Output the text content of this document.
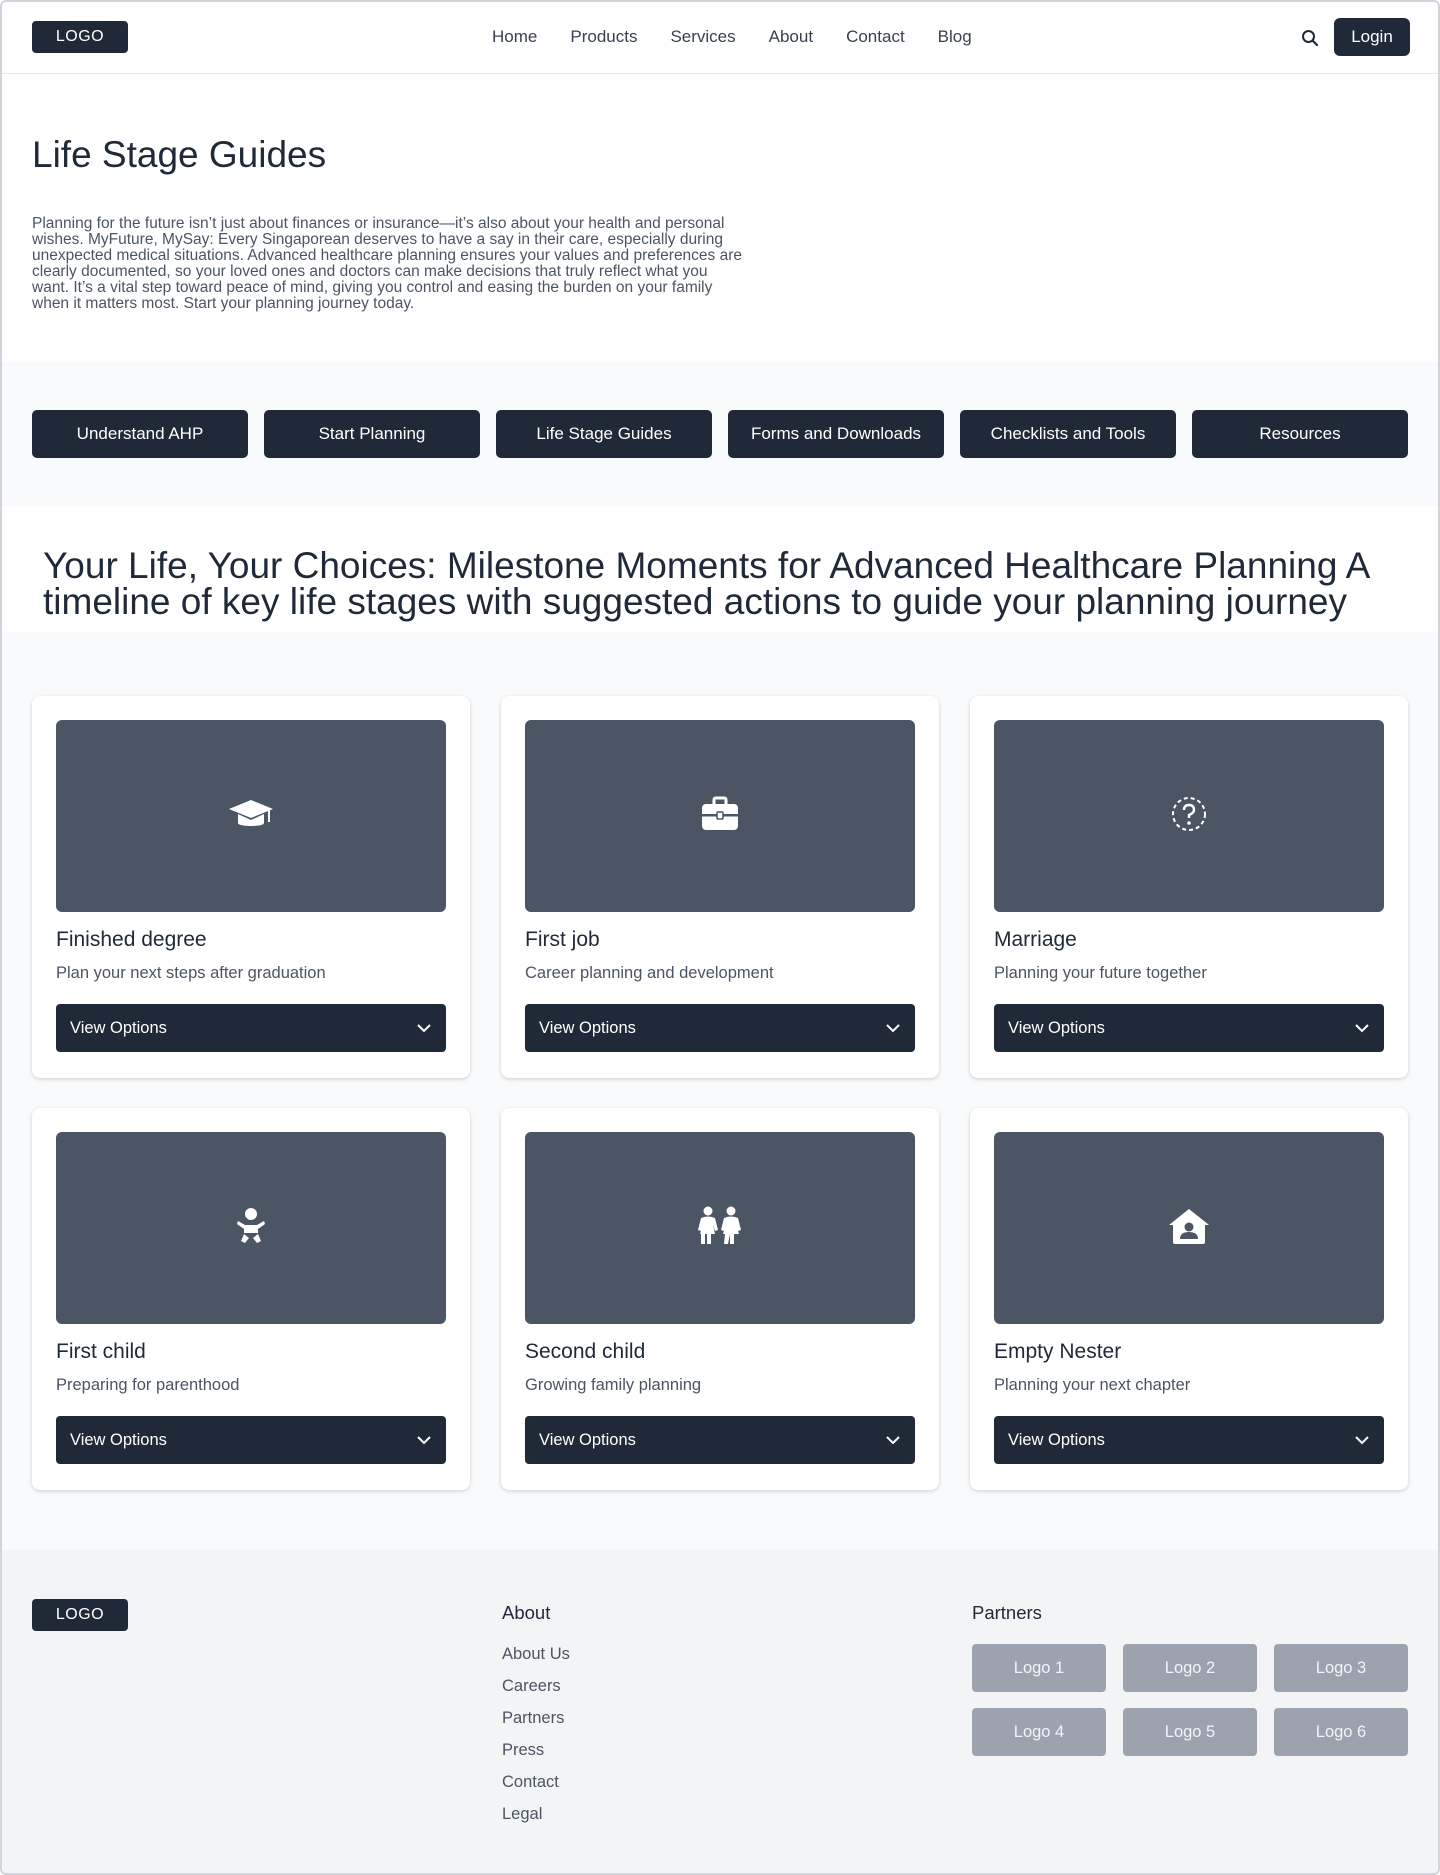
LOGO	Home Products Services About Contact Blog	Login
Life Stage Guides

Planning for the future isn’t just about finances or insurance—it’s also about your health and personal wishes. MyFuture, MySay: Every Singaporean deserves to have a say in their care, especially during unexpected medical situations. Advanced healthcare planning ensures your values and preferences are clearly documented, so your loved ones and doctors can make decisions that truly reflect what you want. It’s a vital step toward peace of mind, giving you control and easing the burden on your family when it matters most. Start your planning journey today.

Understand AHP	Start Planning	Life Stage Guides	Forms and Downloads	Checklists and Tools	Resources
Your Life, Your Choices: Milestone Moments for Advanced Healthcare Planning A timeline of key life stages with suggested actions to guide your planning journey
Finished degree
Plan your next steps after graduation
View Options
First job
Career planning and development
View Options
Marriage
Planning your future together
View Options
First child
Preparing for parenthood
View Options
Second child
Growing family planning
View Options
Empty Nester
Planning your next chapter
View Options
LOGO	About
About Us
Careers
Partners
Press
Contact
Legal
Partners
Logo 1	Logo 2	Logo 3
Logo 4	Logo 5	Logo 6
